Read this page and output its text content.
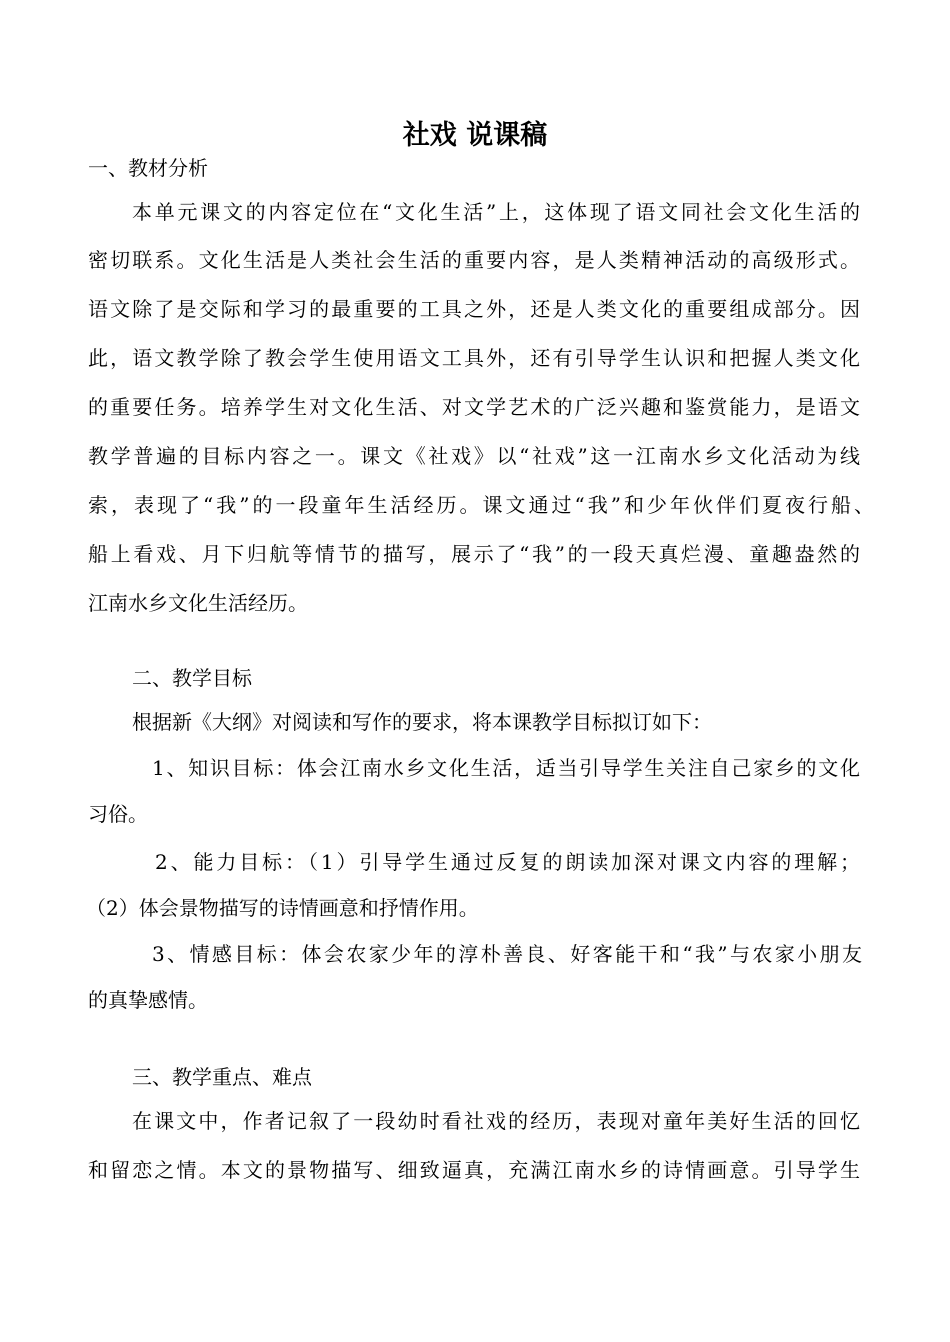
社戏 说课稿

一、教材分析

本单元课文的内容定位在“文化生活”上，这体现了语文同社会文化生活的

密切联系。文化生活是人类社会生活的重要内容，是人类精神活动的高级形式。

语文除了是交际和学习的最重要的工具之外，还是人类文化的重要组成部分。因

此，语文教学除了教会学生使用语文工具外，还有引导学生认识和把握人类文化

的重要任务。培养学生对文化生活、对文学艺术的广泛兴趣和鉴赏能力，是语文

教学普遍的目标内容之一。课文《社戏》以“社戏”这一江南水乡文化活动为线

索，表现了“我”的一段童年生活经历。课文通过“我”和少年伙伴们夏夜行船、

船上看戏、月下归航等情节的描写，展示了“我”的一段天真烂漫、童趣盎然的

江南水乡文化生活经历。

二、教学目标

根据新《大纲》对阅读和写作的要求，将本课教学目标拟订如下：

1、知识目标：体会江南水乡文化生活，适当引导学生关注自己家乡的文化

习俗。

2、能力目标：（1）引导学生通过反复的朗读加深对课文内容的理解；

（2）体会景物描写的诗情画意和抒情作用。

3、情感目标：体会农家少年的淳朴善良、好客能干和“我”与农家小朋友

的真挚感情。

三、教学重点、难点

在课文中，作者记叙了一段幼时看社戏的经历，表现对童年美好生活的回忆

和留恋之情。本文的景物描写、细致逼真，充满江南水乡的诗情画意。引导学生
